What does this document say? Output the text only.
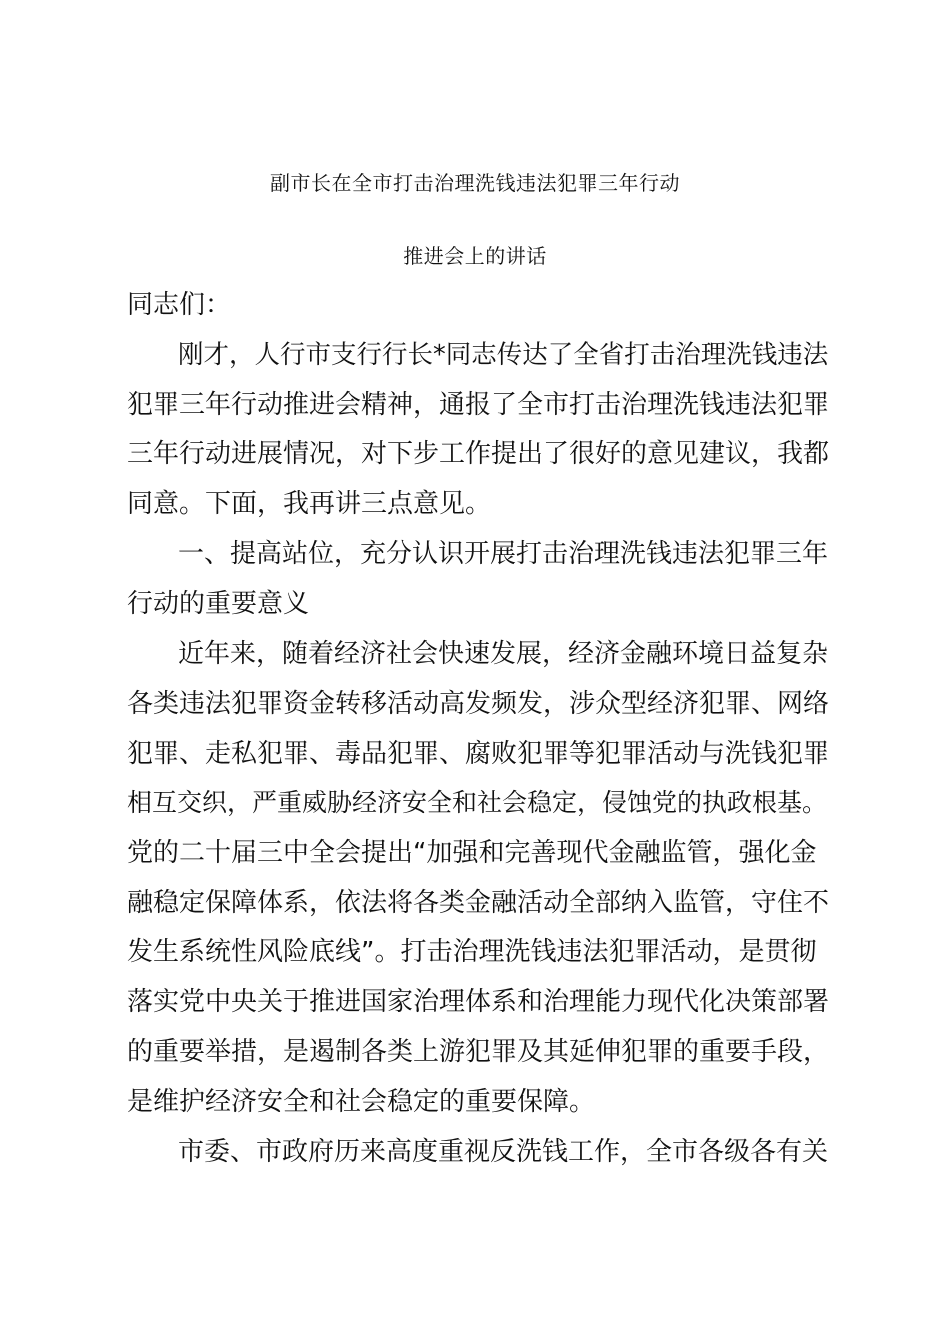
副市长在全市打击治理洗钱违法犯罪三年行动
推进会上的讲话
同志们：
刚才，人行市支行行长*同志传达了全省打击治理洗钱违法
犯罪三年行动推进会精神，通报了全市打击治理洗钱违法犯罪
三年行动进展情况，对下步工作提出了很好的意见建议，我都
同意。下面，我再讲三点意见。
一、提高站位，充分认识开展打击治理洗钱违法犯罪三年
行动的重要意义
近年来，随着经济社会快速发展，经济金融环境日益复杂
各类违法犯罪资金转移活动高发频发，涉众型经济犯罪、网络
犯罪、走私犯罪、毒品犯罪、腐败犯罪等犯罪活动与洗钱犯罪
相互交织，严重威胁经济安全和社会稳定，侵蚀党的执政根基。
党的二十届三中全会提出“加强和完善现代金融监管，强化金
融稳定保障体系，依法将各类金融活动全部纳入监管，守住不
发生系统性风险底线”。打击治理洗钱违法犯罪活动，是贯彻
落实党中央关于推进国家治理体系和治理能力现代化决策部署
的重要举措，是遏制各类上游犯罪及其延伸犯罪的重要手段，
是维护经济安全和社会稳定的重要保障。
市委、市政府历来高度重视反洗钱工作，全市各级各有关
